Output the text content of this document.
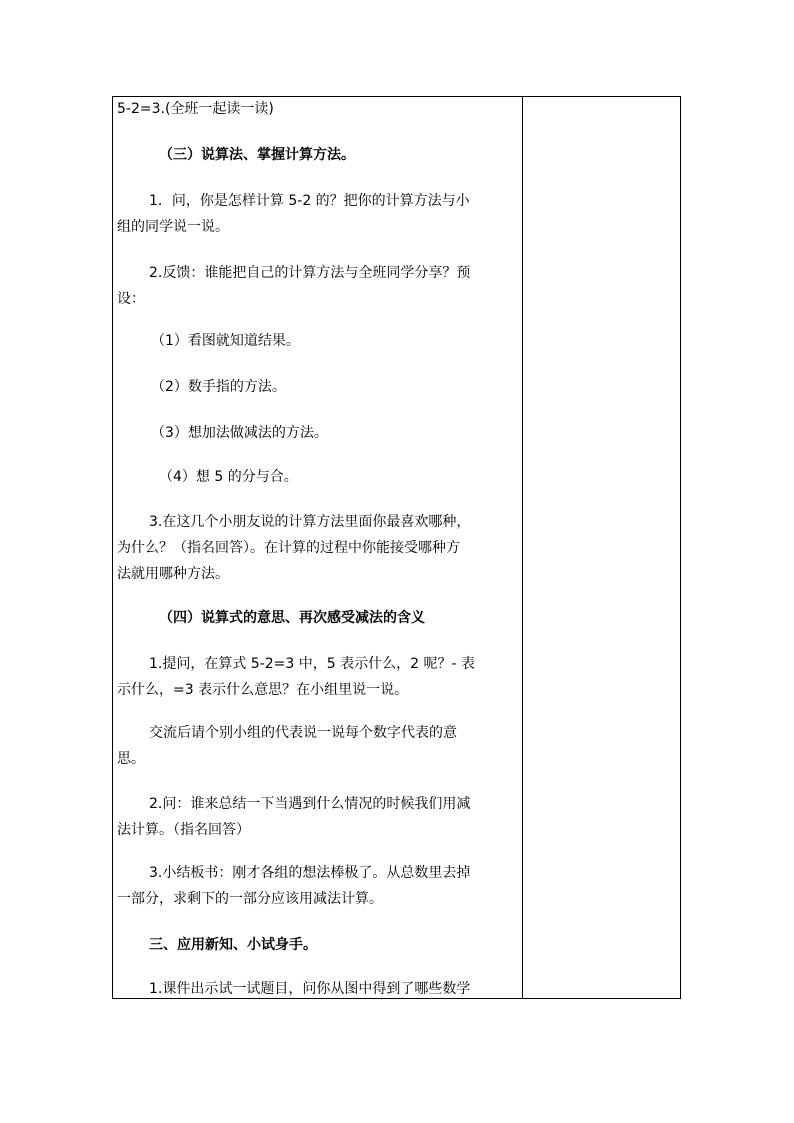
5-2=3.(全班一起读一读)

（三）说算法、掌握计算方法。

1．问，你是怎样计算 5-2 的？把你的计算方法与小

组的同学说一说。

2.反馈：谁能把自己的计算方法与全班同学分享？预

设：

（1）看图就知道结果。

（2）数手指的方法。

（3）想加法做减法的方法。

（4）想 5 的分与合。

3.在这几个小朋友说的计算方法里面你最喜欢哪种，

为什么？（指名回答）。在计算的过程中你能接受哪种方

法就用哪种方法。

（四）说算式的意思、再次感受减法的含义

1.提问，在算式 5-2=3 中，5 表示什么，2 呢？- 表

示什么，=3 表示什么意思？在小组里说一说。

交流后请个别小组的代表说一说每个数字代表的意

思。

2.问：谁来总结一下当遇到什么情况的时候我们用减

法计算。（指名回答）

3.小结板书：刚才各组的想法棒极了。从总数里去掉

一部分，求剩下的一部分应该用减法计算。

三、应用新知、小试身手。

1.课件出示试一试题目，问你从图中得到了哪些数学
